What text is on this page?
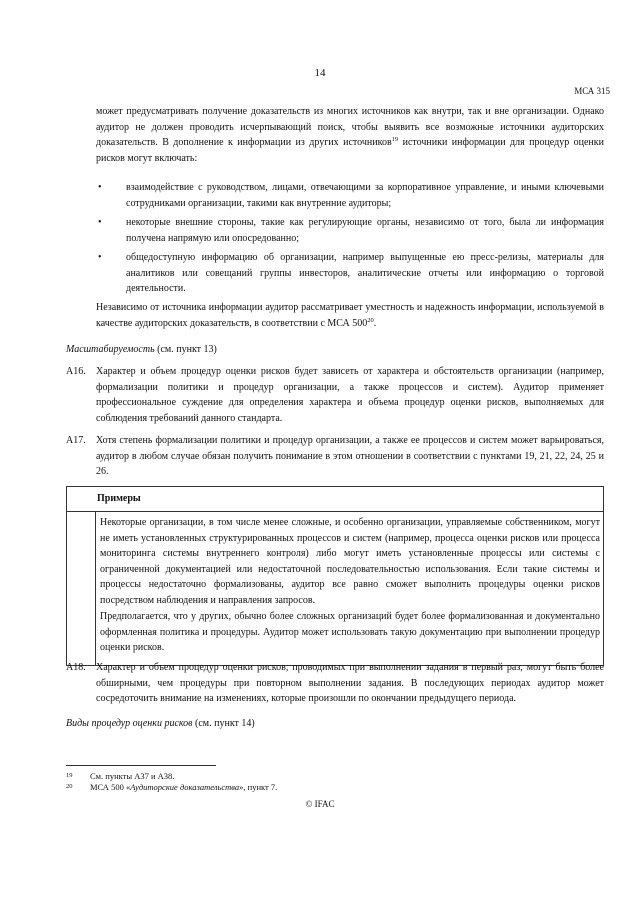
14
МСА 315
может предусматривать получение доказательств из многих источников как внутри, так и вне организации. Однако аудитор не должен проводить исчерпывающий поиск, чтобы выявить все возможные источники аудиторских доказательств. В дополнение к информации из других источников$^{19}$ источники информации для процедур оценки рисков могут включать:
•	взаимодействие с руководством, лицами, отвечающими за корпоративное управление, и иными ключевыми сотрудниками организации, такими как внутренние аудиторы;
•	некоторые внешние стороны, такие как регулирующие органы, независимо от того, была ли информация получена напрямую или опосредованно;
•	общедоступную информацию об организации, например выпущенные ею пресс-релизы, материалы для аналитиков или совещаний группы инвесторов, аналитические отчеты или информацию о торговой деятельности.
Независимо от источника информации аудитор рассматривает уместность и надежность информации, используемой в качестве аудиторских доказательств, в соответствии с МСА $500^{20}$.
Масштабируемость (см. пункт 13)
A16.	Характер и объем процедур оценки рисков будет зависеть от характера и обстоятельств организации (например, формализации политики и процедур организации, а также процессов и систем). Аудитор применяет профессиональное суждение для определения характера и объема процедур оценки рисков, выполняемых для соблюдения требований данного стандарта.
A17.	Хотя степень формализации политики и процедур организации, а также ее процессов и систем может варьироваться, аудитор в любом случае обязан получить понимание в этом отношении в соответствии с пунктами 19, 21, 22, 24, 25 и 26.
Примеры
Некоторые организации, в том числе менее сложные, и особенно организации, управляемые собственником, могут не иметь установленных структурированных процессов и систем (например, процесса оценки рисков или процесса мониторинга системы внутреннего контроля) либо могут иметь установленные процессы или системы с ограниченной документацией или недостаточной последовательностью использования. Если такие системы и процессы недостаточно формализованы, аудитор все равно сможет выполнить процедуры оценки рисков посредством наблюдения и направления запросов.
Предполагается, что у других, обычно более сложных организаций будет более формализованная и документально оформленная политика и процедуры. Аудитор может использовать такую документацию при выполнении процедур оценки рисков.
A18.	Характер и объем процедур оценки рисков, проводимых при выполнении задания в первый раз, могут быть более обширными, чем процедуры при повторном выполнении задания. В последующих периодах аудитор может сосредоточить внимание на изменениях, которые произошли по окончании предыдущего периода.
Виды процедур оценки рисков (см. пункт 14)
19 См. пункты A37 и A38.
20 МСА 500 «Аудиторские доказательства», пункт 7.
© IFAC
